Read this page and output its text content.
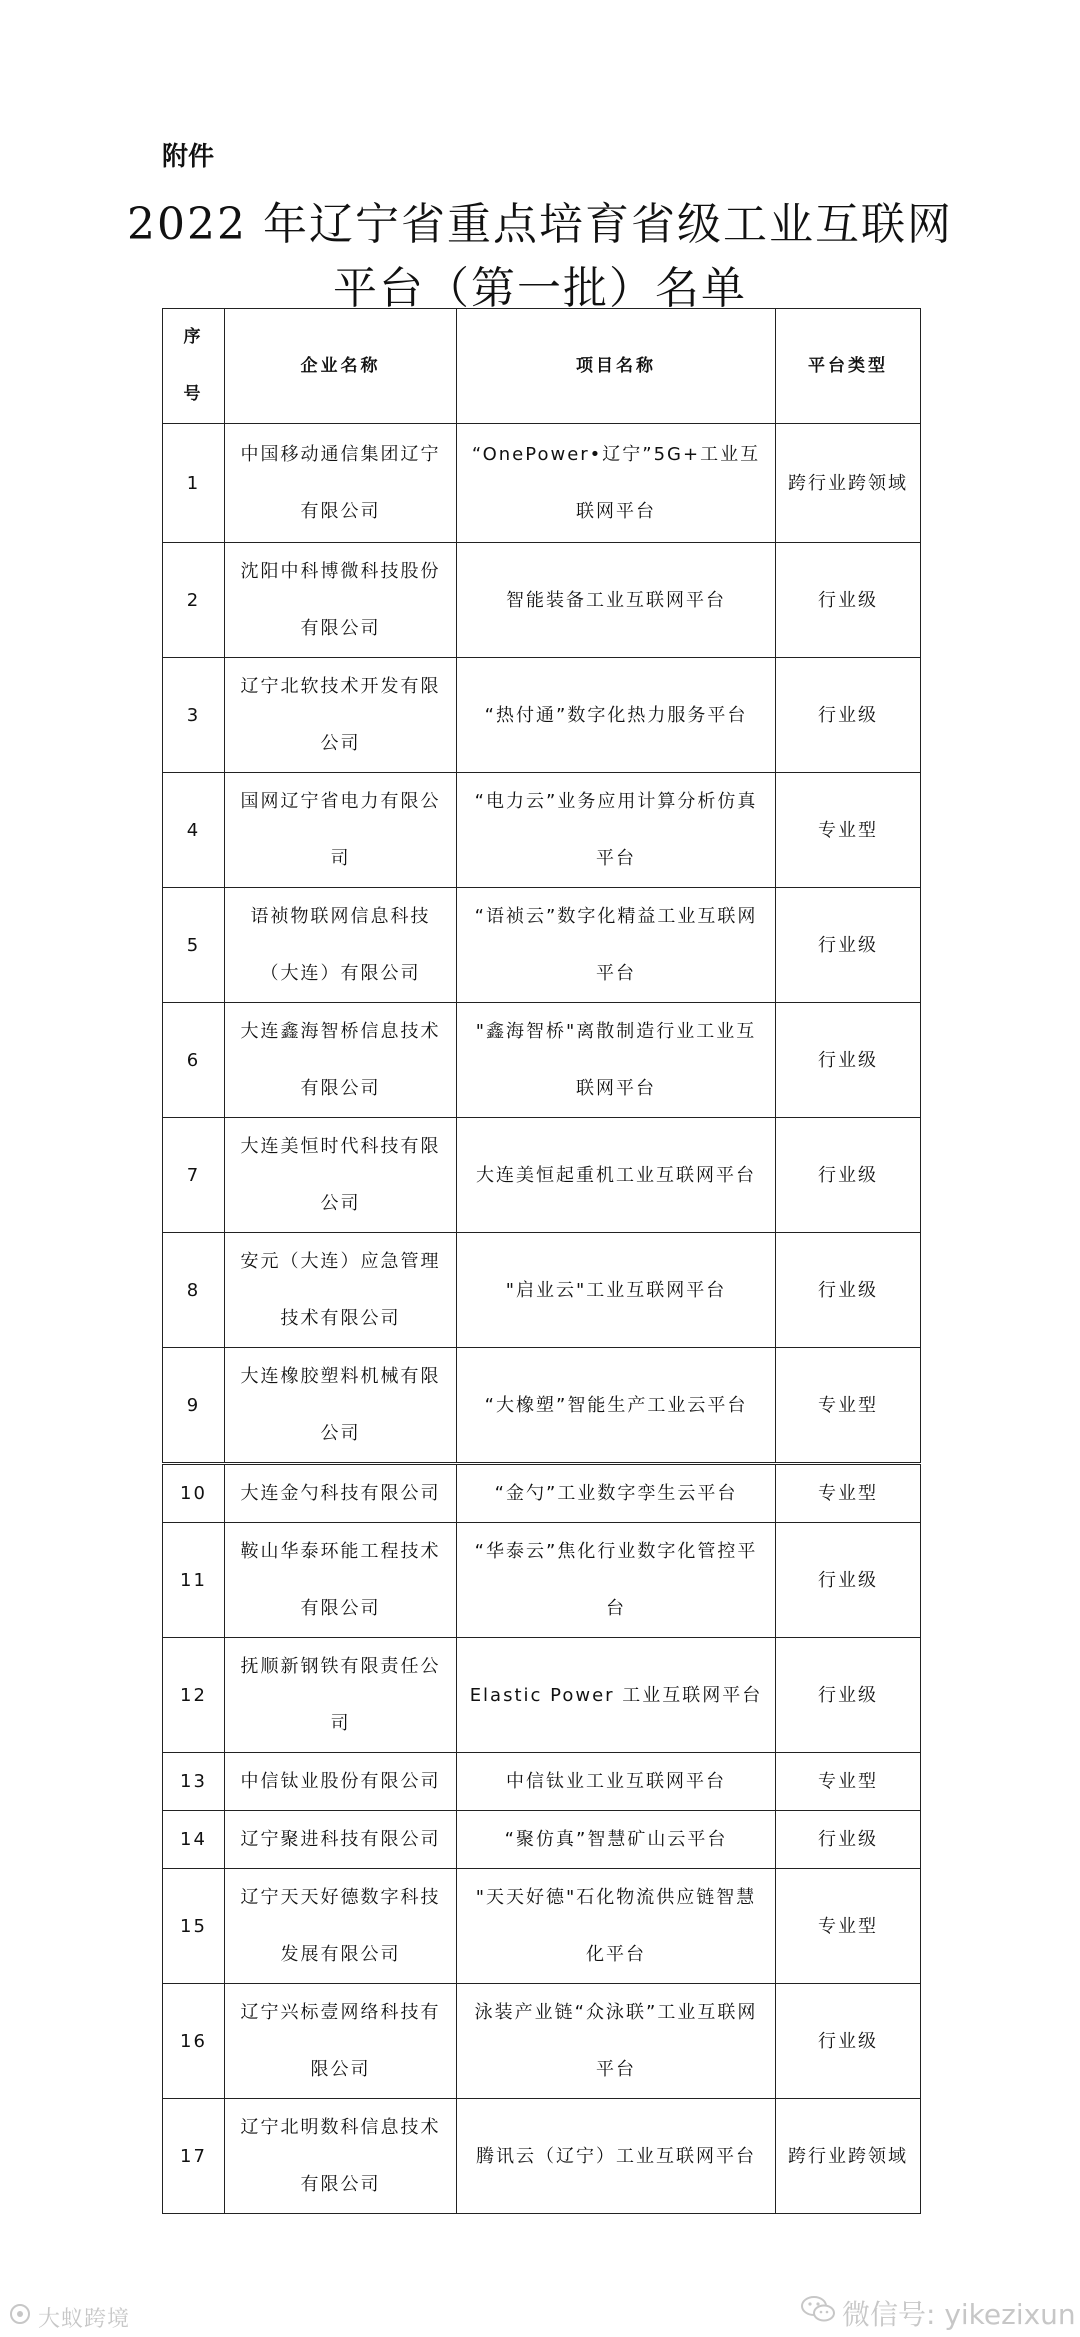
附件
2022 年辽宁省重点培育省级工业互联网
平台（第一批）名单
序号	企业名称	项目名称	平台类型
1	中国移动通信集团辽宁有限公司	“OnePower•辽宁”5G+工业互联网平台	跨行业跨领域
2	沈阳中科博微科技股份有限公司	智能装备工业互联网平台	行业级
3	辽宁北软技术开发有限公司	“热付通”数字化热力服务平台	行业级
4	国网辽宁省电力有限公司	“电力云”业务应用计算分析仿真平台	专业型
5	语祯物联网信息科技（大连）有限公司	“语祯云”数字化精益工业互联网平台	行业级
6	大连鑫海智桥信息技术有限公司	"鑫海智桥"离散制造行业工业互联网平台	行业级
7	大连美恒时代科技有限公司	大连美恒起重机工业互联网平台	行业级
8	安元（大连）应急管理技术有限公司	"启业云"工业互联网平台	行业级
9	大连橡胶塑料机械有限公司	“大橡塑”智能生产工业云平台	专业型
10	大连金勺科技有限公司	“金勺”工业数字孪生云平台	专业型
11	鞍山华泰环能工程技术有限公司	“华泰云”焦化行业数字化管控平台	行业级
12	抚顺新钢铁有限责任公司	Elastic Power 工业互联网平台	行业级
13	中信钛业股份有限公司	中信钛业工业互联网平台	专业型
14	辽宁聚进科技有限公司	“聚仿真”智慧矿山云平台	行业级
15	辽宁天天好德数字科技发展有限公司	"天天好德"石化物流供应链智慧化平台	专业型
16	辽宁兴标壹网络科技有限公司	泳装产业链“众泳联”工业互联网平台	行业级
17	辽宁北明数科信息技术有限公司	腾讯云（辽宁）工业互联网平台	跨行业跨领域
大蚁跨境	微信号: yikezixun
